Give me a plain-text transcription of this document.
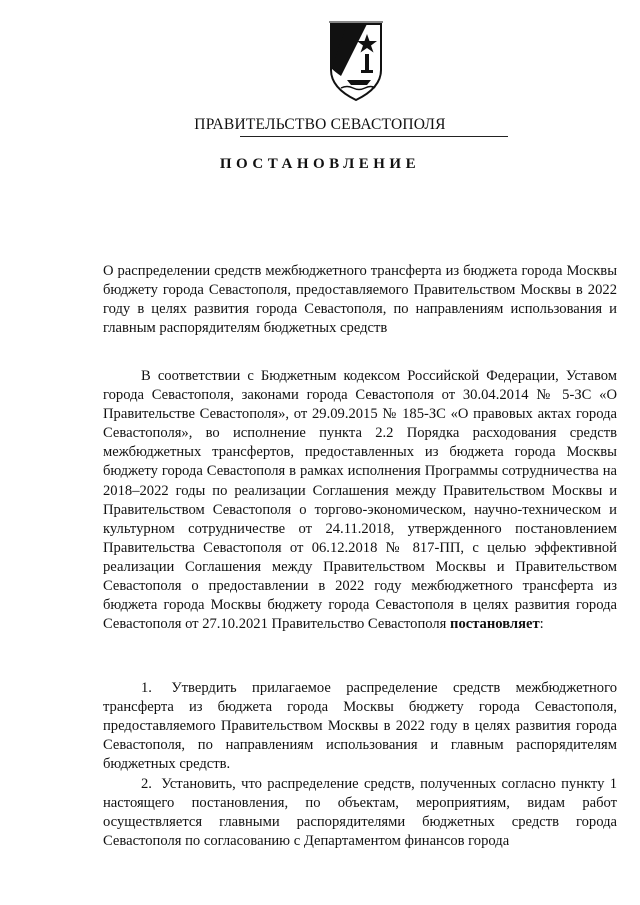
ПРАВИТЕЛЬСТВО СЕВАСТОПОЛЯ
ПОСТАНОВЛЕНИЕ

О распределении средств межбюджетного трансферта из бюджета города Москвы бюджету города Севастополя, предоставляемого Правительством Москвы в 2022 году в целях развития города Севастополя, по направлениям использования и главным распорядителям бюджетных средств

В соответствии с Бюджетным кодексом Российской Федерации, Уставом города Севастополя, законами города Севастополя от 30.04.2014 № 5-ЗС «О Правительстве Севастополя», от 29.09.2015 № 185-ЗС «О правовых актах города Севастополя», во исполнение пункта 2.2 Порядка расходования средств межбюджетных трансфертов, предоставленных из бюджета города Москвы бюджету города Севастополя в рамках исполнения Программы сотрудничества на 2018–2022 годы по реализации Соглашения между Правительством Москвы и Правительством Севастополя о торгово-экономическом, научно-техническом и культурном сотрудничестве от 24.11.2018, утвержденного постановлением Правительства Севастополя от 06.12.2018 № 817-ПП, с целью эффективной реализации Соглашения между Правительством Москвы и Правительством Севастополя о предоставлении в 2022 году межбюджетного трансферта из бюджета города Москвы бюджету города Севастополя в целях развития города Севастополя от 27.10.2021 Правительство Севастополя постановляет:

1. Утвердить прилагаемое распределение средств межбюджетного трансферта из бюджета города Москвы бюджету города Севастополя, предоставляемого Правительством Москвы в 2022 году в целях развития города Севастополя, по направлениям использования и главным распорядителям бюджетных средств.

2. Установить, что распределение средств, полученных согласно пункту 1 настоящего постановления, по объектам, мероприятиям, видам работ осуществляется главными распорядителями бюджетных средств города Севастополя по согласованию с Департаментом финансов города
